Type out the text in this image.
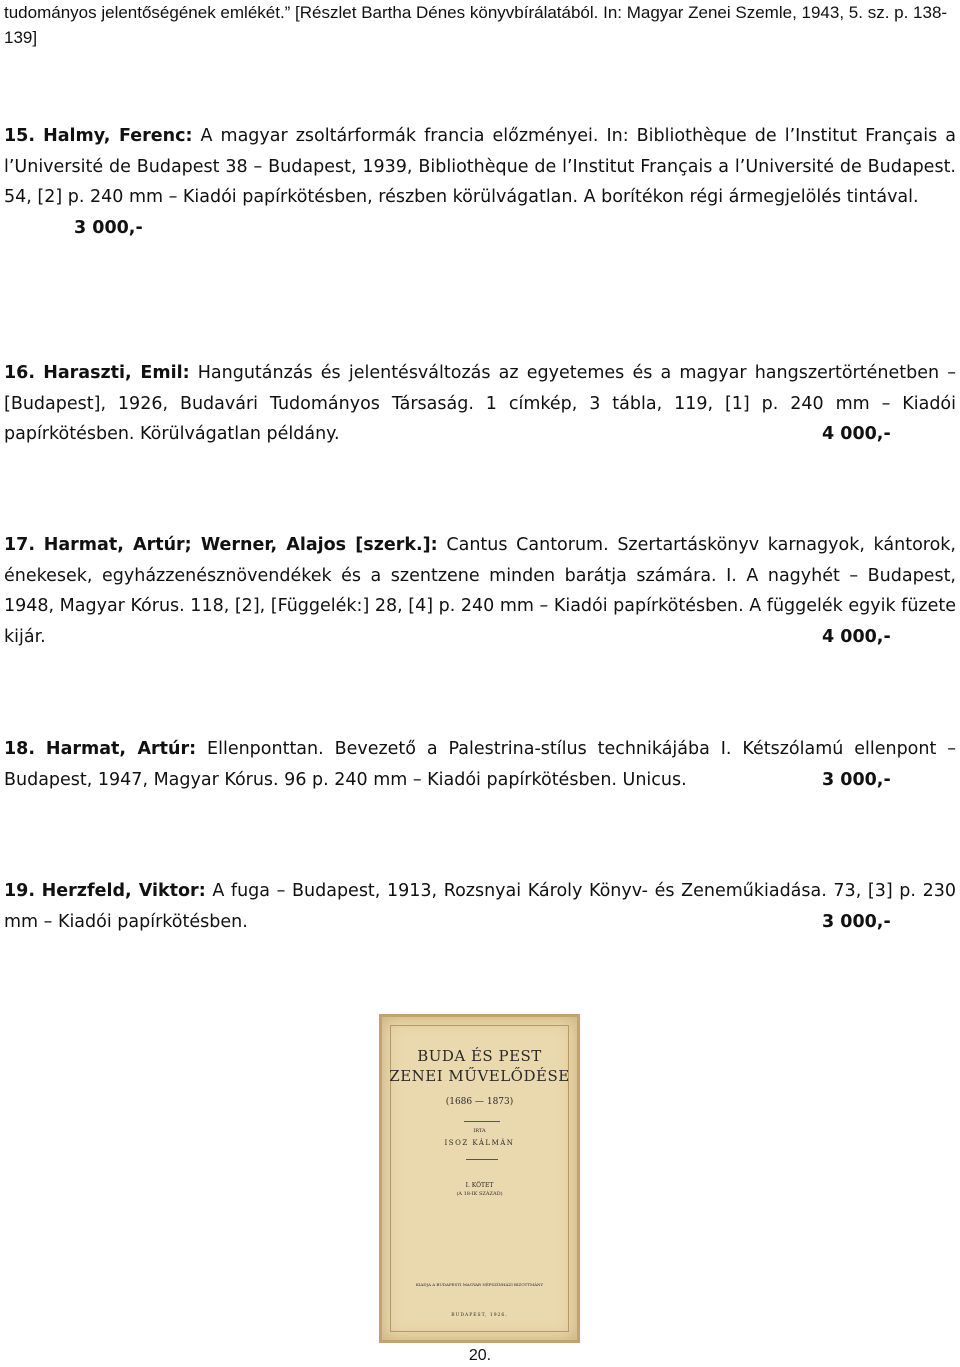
tudományos jelentőségének emlékét.” [Részlet Bartha Dénes könyvbírálatából. In: Magyar Zenei Szemle, 1943, 5. sz. p. 138-
139]
15. Halmy, Ferenc: A magyar zsoltárformák francia előzményei. In: Bibliothèque de l’Institut Français a l’Université de Budapest 38 – Budapest, 1939, Bibliothèque de l’Institut Français a l’Université de Budapest. 54, [2] p. 240 mm – Kiadói papírkötésben, részben körülvágatlan. A borítékon régi ármegjelölés tintával.
3 000,-
16. Haraszti, Emil: Hangutánzás és jelentésváltozás az egyetemes és a magyar hangszertörténetben – [Budapest], 1926, Budavári Tudományos Társaság. 1 címkép, 3 tábla, 119, [1] p. 240 mm – Kiadói papírkötésben. Körülvágatlan példány.	4 000,-
17. Harmat, Artúr; Werner, Alajos [szerk.]: Cantus Cantorum. Szertartáskönyv karnagyok, kántorok, énekesek, egyházzenésznövendékek és a szentzene minden barátja számára. I. A nagyhét – Budapest, 1948, Magyar Kórus. 118, [2], [Függelék:] 28, [4] p. 240 mm – Kiadói papírkötésben. A függelék egyik füzete kijár.	4 000,-
18. Harmat, Artúr: Ellenponttan. Bevezető a Palestrina-stílus technikájába I. Kétszólamú ellenpont – Budapest, 1947, Magyar Kórus. 96 p. 240 mm – Kiadói papírkötésben. Unicus.	3 000,-
19. Herzfeld, Viktor: A fuga – Budapest, 1913, Rozsnyai Károly Könyv- és Zeneműkiadása. 73, [3] p. 230 mm – Kiadói papírkötésben.	3 000,-
BUDA ÉS PEST
ZENEI MŰVELŐDÉSE
(1686 — 1873)
IRTA
ISOZ KÁLMÁN
I. KÖTET
(A 18-IK SZÁZAD)
KIADJA A BUDAPESTI MAGYAR NÉPSZÍNHÁZI BIZOTTMÁNY
BUDAPEST, 1926.
20.
